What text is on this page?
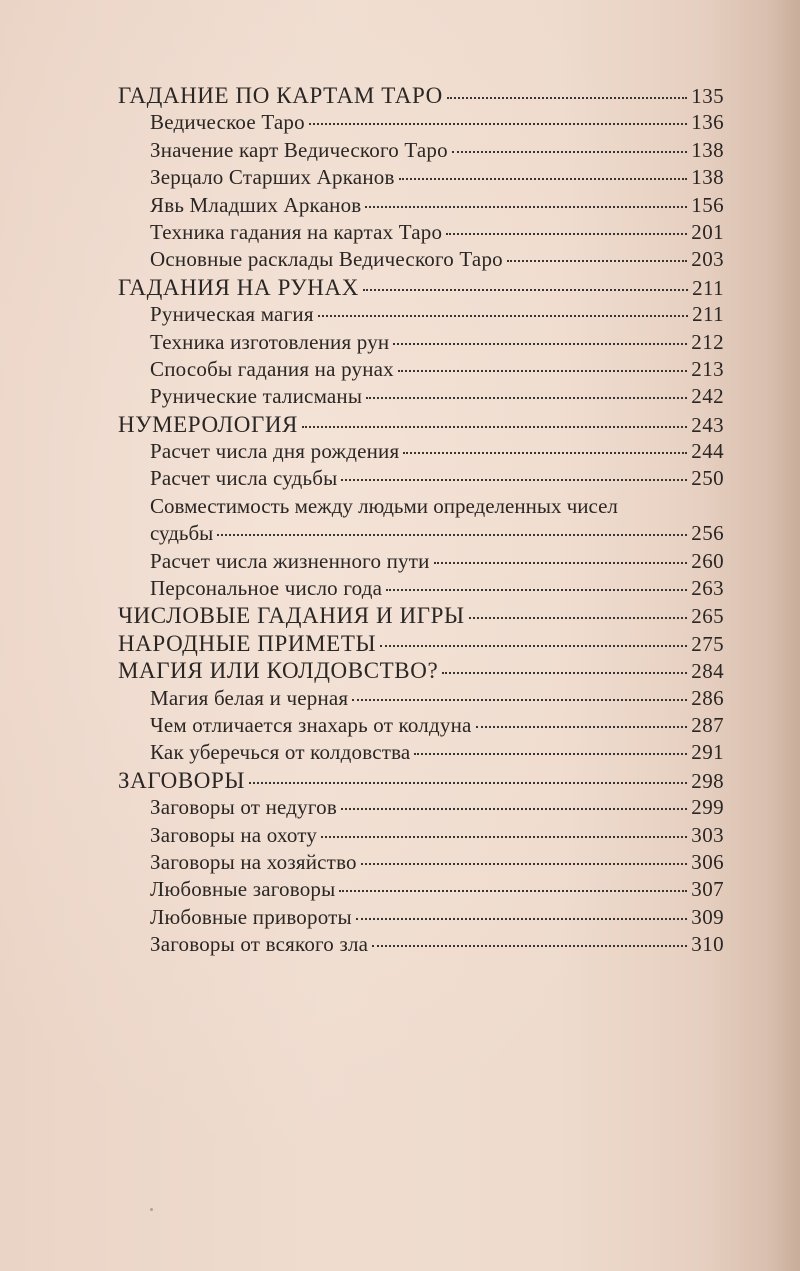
ГАДАНИЕ ПО КАРТАМ ТАРО	135
Ведическое Таро	136
Значение карт Ведического Таро	138
Зерцало Старших Арканов	138
Явь Младших Арканов	156
Техника гадания на картах Таро	201
Основные расклады Ведического Таро	203
ГАДАНИЯ НА РУНАХ	211
Руническая магия	211
Техника изготовления рун	212
Способы гадания на рунах	213
Рунические талисманы	242
НУМЕРОЛОГИЯ	243
Расчет числа дня рождения	244
Расчет числа судьбы	250
Совместимость между людьми определенных чисел
судьбы	256
Расчет числа жизненного пути	260
Персональное число года	263
ЧИСЛОВЫЕ ГАДАНИЯ И ИГРЫ	265
НАРОДНЫЕ ПРИМЕТЫ	275
МАГИЯ ИЛИ КОЛДОВСТВО?	284
Магия белая и черная	286
Чем отличается знахарь от колдуна	287
Как уберечься от колдовства	291
ЗАГОВОРЫ	298
Заговоры от недугов	299
Заговоры на охоту	303
Заговоры на хозяйство	306
Любовные заговоры	307
Любовные привороты	309
Заговоры от всякого зла	310
